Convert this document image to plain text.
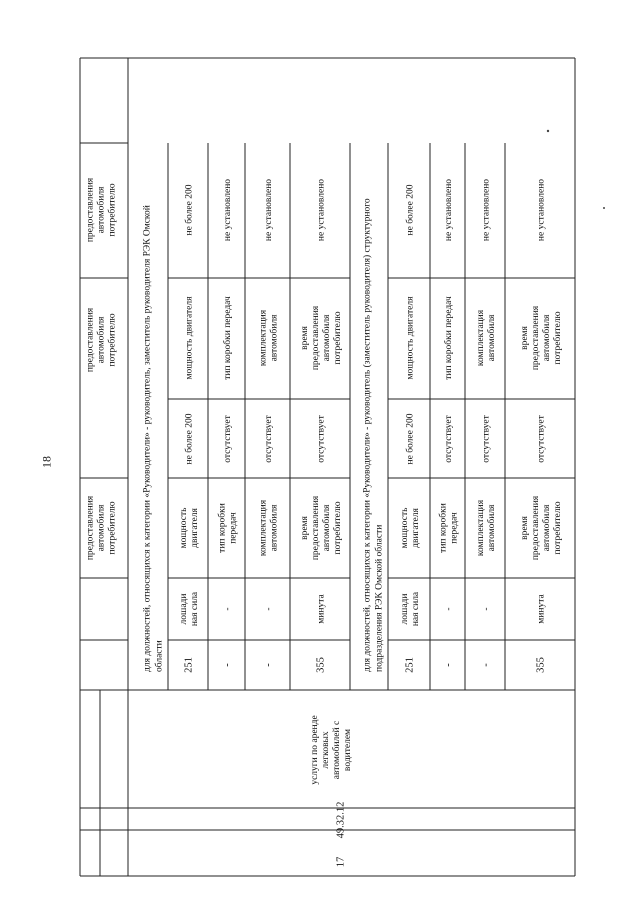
предоставления автомобиля потребителю
предоставления автомобиля потребителю
предоставления автомобиля потребителю
18
17
49.32.12
услуги по аренде легковых автомобилей с водителем
для должностей, относящихся к категории «Руководители» - руководитель, заместитель руководителя РЭК Омской области 251
лошади ная сила
мощность двигателя
не более 200
мощность двигателя
не более 200
-
-
тип коробки передач
отсутствует
тип коробки передач
не установлено
-
-
комплектация автомобиля
отсутствует
комплектация автомобиля
не установлено
355
минута
время предоставления автомобиля потребителю
отсутствует
время предоставления автомобиля потребителю
не установлено	для должностей, относящихся к категории «Руководители» - руководитель (заместитель руководителя) структурного подразделения РЭК Омской области 251
лошади ная сила
мощность двигателя
не более 200
мощность двигателя
не более 200
-
-
тип коробки передач
отсутствует
тип коробки передач
не установлено
-
-
комплектация автомобиля
отсутствует
комплектация автомобиля
не установлено
355
минута
время предоставления автомобиля потребителю
отсутствует
время предоставления автомобиля потребителю
не установлено
